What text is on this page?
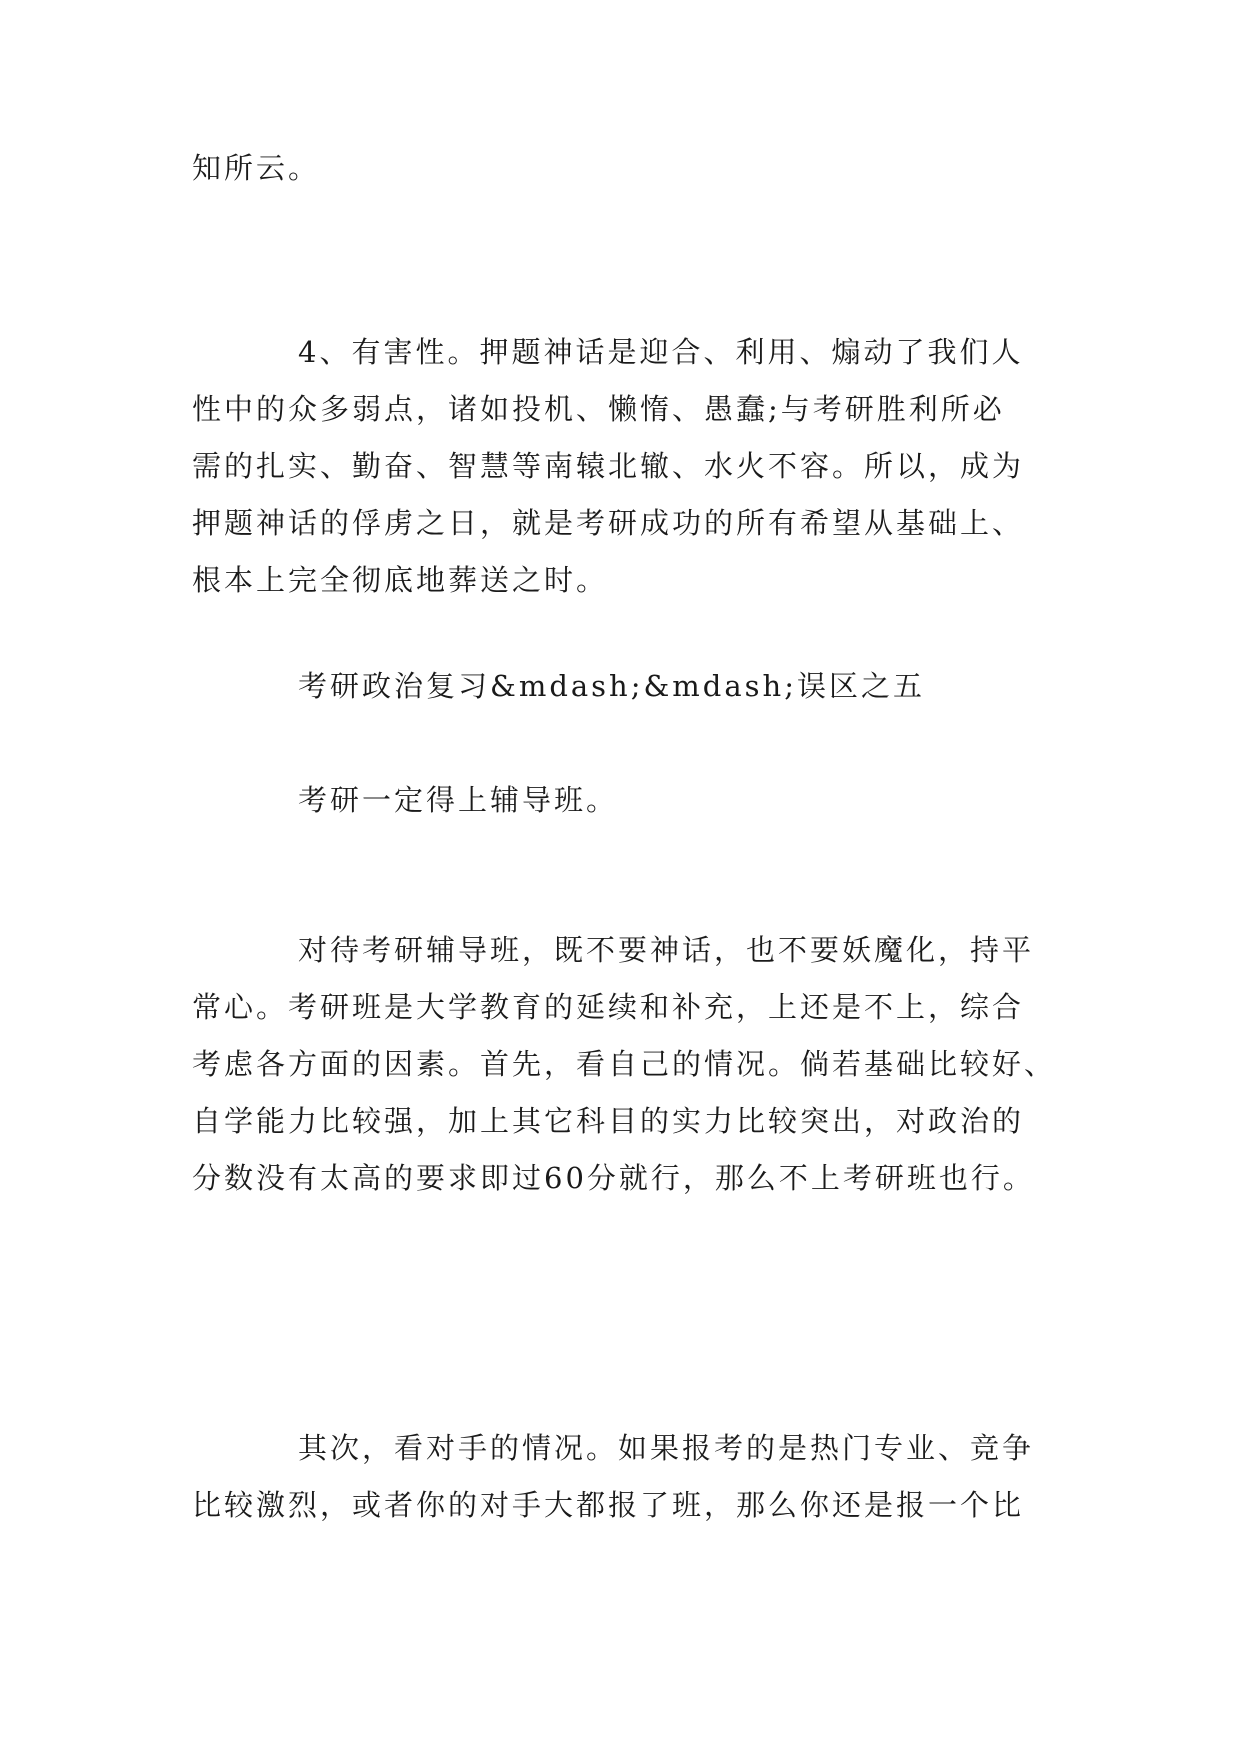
知所云。

4、有害性。押题神话是迎合、利用、煽动了我们人
性中的众多弱点，诸如投机、懒惰、愚蠢;与考研胜利所必
需的扎实、勤奋、智慧等南辕北辙、水火不容。所以，成为
押题神话的俘虏之日，就是考研成功的所有希望从基础上、
根本上完全彻底地葬送之时。

考研政治复习&mdash;&mdash;误区之五

考研一定得上辅导班。

对待考研辅导班，既不要神话，也不要妖魔化，持平
常心。考研班是大学教育的延续和补充，上还是不上，综合
考虑各方面的因素。首先，看自己的情况。倘若基础比较好、
自学能力比较强，加上其它科目的实力比较突出，对政治的
分数没有太高的要求即过60分就行，那么不上考研班也行。

其次，看对手的情况。如果报考的是热门专业、竞争
比较激烈，或者你的对手大都报了班，那么你还是报一个比
